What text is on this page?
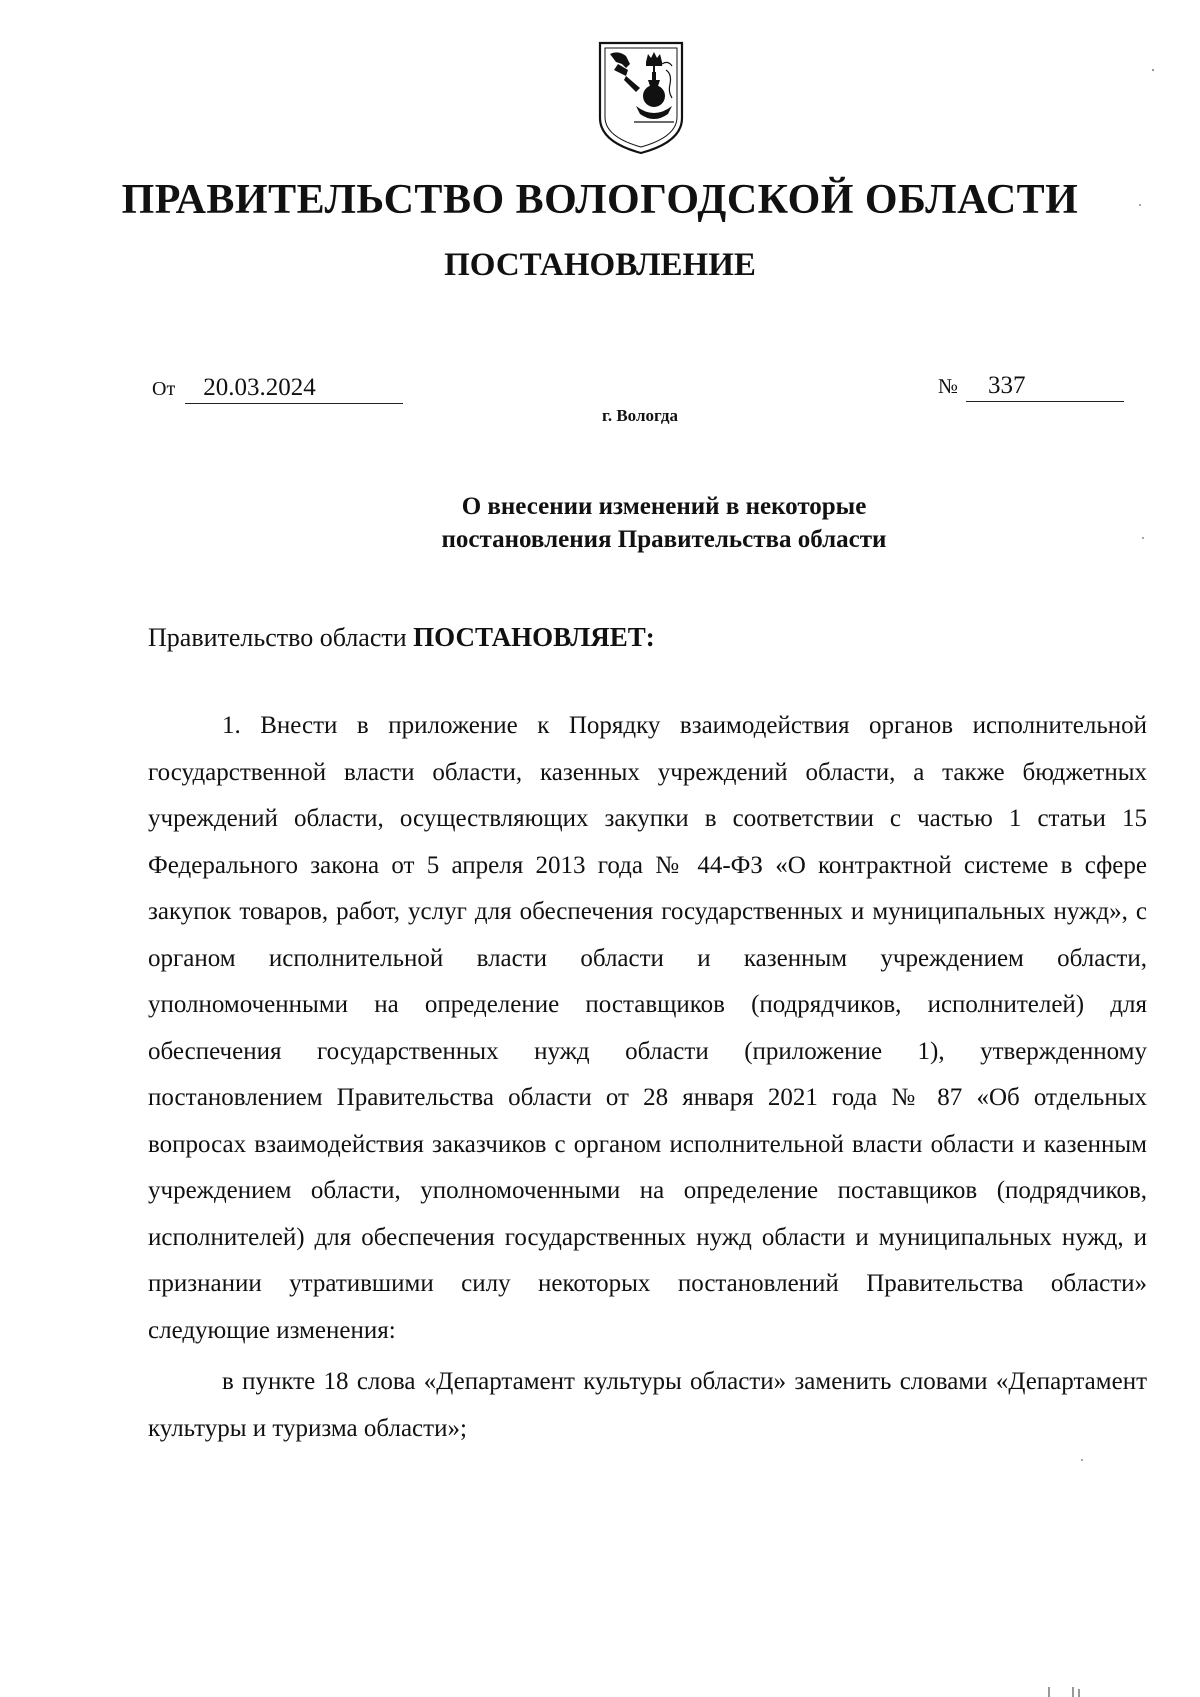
ПРАВИТЕЛЬСТВО ВОЛОГОДСКОЙ ОБЛАСТИ
ПОСТАНОВЛЕНИЕ
От 20.03.2024	№ 337
г. Вологда
О внесении изменений в некоторые
постановления Правительства области
Правительство области ПОСТАНОВЛЯЕТ:

1. Внести в приложение к Порядку взаимодействия органов исполнительной государственной власти области, казенных учреждений области, а также бюджетных учреждений области, осуществляющих закупки в соответствии с частью 1 статьи 15 Федерального закона от 5 апреля 2013 года № 44-ФЗ «О контрактной системе в сфере закупок товаров, работ, услуг для обеспечения государственных и муниципальных нужд», с органом исполнительной власти области и казенным учреждением области, уполномоченными на определение поставщиков (подрядчиков, исполнителей) для обеспечения государственных нужд области (приложение 1), утвержденному постановлением Правительства области от 28 января 2021 года № 87 «Об отдельных вопросах взаимодействия заказчиков с органом исполнительной власти области и казенным учреждением области, уполномоченными на определение поставщиков (подрядчиков, исполнителей) для обеспечения государственных нужд области и муниципальных нужд, и признании утратившими силу некоторых постановлений Правительства области» следующие изменения:

в пункте 18 слова «Департамент культуры области» заменить словами «Департамент культуры и туризма области»;
